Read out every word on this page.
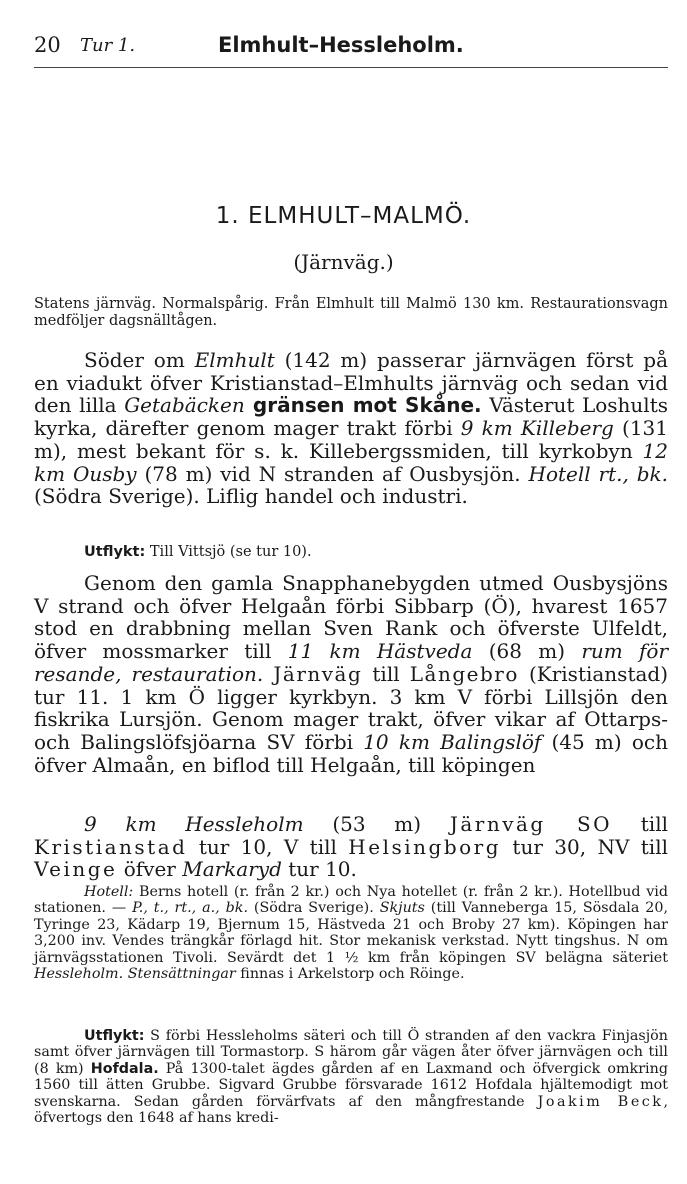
20 Tur 1.	Elmhult–Hessleholm.
1. ELMHULT–MALMÖ.
(Järnväg.)

Statens järnväg. Normalspårig. Från Elmhult till Malmö 130 km. Restaurationsvagn medföljer dagsnälltågen.

Söder om Elmhult (142 m) passerar järnvägen först på en viadukt öfver Kristianstad–Elmhults järnväg och sedan vid den lilla Getabäcken gränsen mot Skåne. Västerut Loshults kyrka, därefter genom mager trakt förbi 9 km Killeberg (131 m), mest bekant för s. k. Killebergssmiden, till kyrkobyn 12 km Ousby (78 m) vid N stranden af Ousbysjön. Hotell rt., bk. (Södra Sverige). Liflig handel och industri.

Utflykt: Till Vittsjö (se tur 10).

Genom den gamla Snapphanebygden utmed Ousbysjöns V strand och öfver Helgaån förbi Sibbarp (Ö), hvarest 1657 stod en drabbning mellan Sven Rank och öfverste Ulfeldt, öfver mossmarker till 11 km Hästveda (68 m) rum för resande, restauration. Järnväg till Långebro (Kristianstad) tur 11. 1 km Ö ligger kyrkbyn. 3 km V förbi Lillsjön den fiskrika Lursjön. Genom mager trakt, öfver vikar af Ottarps- och Balingslöfsjöarna SV förbi 10 km Balingslöf (45 m) och öfver Almaån, en biflod till Helgaån, till köpingen

9 km Hessleholm (53 m) Järnväg SO till Kristianstad tur 10, V till Helsingborg tur 30, NV till Veinge öfver Markaryd tur 10.

Hotell: Berns hotell (r. från 2 kr.) och Nya hotellet (r. från 2 kr.). Hotellbud vid stationen. — P., t., rt., a., bk. (Södra Sverige). Skjuts (till Vanneberga 15, Sösdala 20, Tyringe 23, Kädarp 19, Bjernum 15, Hästveda 21 och Broby 27 km). Köpingen har 3,200 inv. Vendes trängkår förlagd hit. Stor mekanisk verkstad. Nytt tingshus. N om järnvägsstationen Tivoli. Sevärdt det 1 ½ km från köpingen SV belägna säteriet Hessleholm. Stensättningar finnas i Arkelstorp och Röinge.

Utflykt: S förbi Hessleholms säteri och till Ö stranden af den vackra Finjasjön samt öfver järnvägen till Tormastorp. S härom går vägen åter öfver järnvägen och till (8 km) Hofdala. På 1300-talet ägdes gården af en Laxmand och öfvergick omkring 1560 till ätten Grubbe. Sigvard Grubbe försvarade 1612 Hofdala hjältemodigt mot svenskarna. Sedan gården förvärfvats af den mångfrestande Joakim Beck, öfvertogs den 1648 af hans kredi-
